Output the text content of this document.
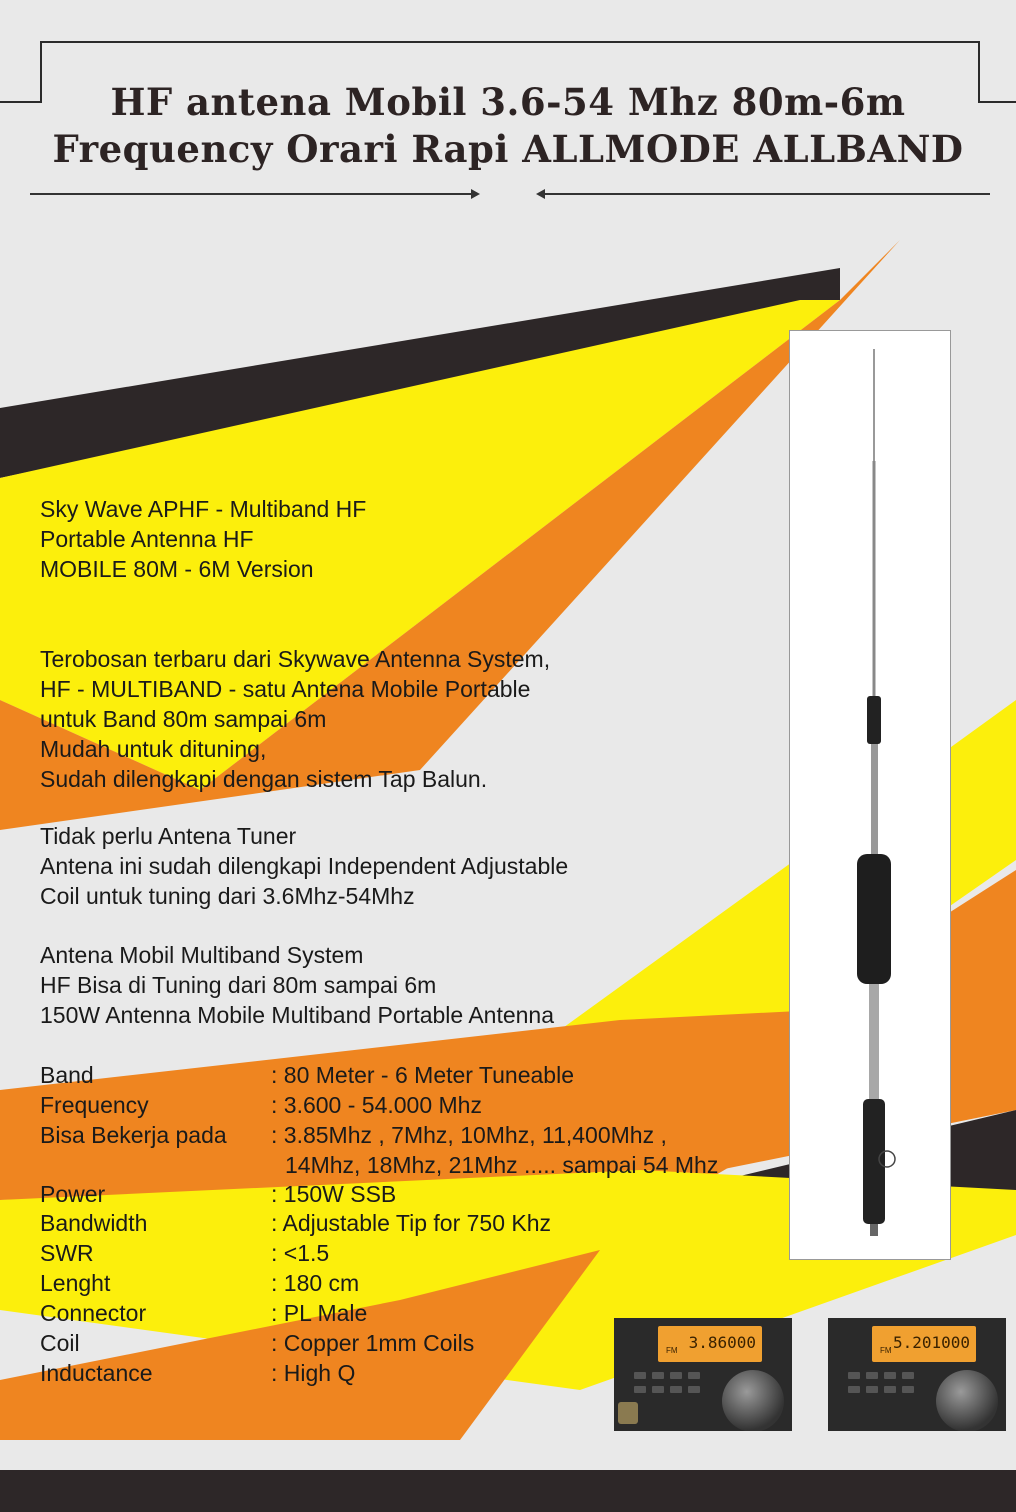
HF antena Mobil 3.6-54 Mhz 80m-6m
Frequency Orari Rapi ALLMODE ALLBAND
Sky Wave APHF - Multiband HF
Portable Antenna HF
MOBILE 80M - 6M Version
Terobosan terbaru dari Skywave Antenna System,
HF - MULTIBAND - satu Antena Mobile Portable
untuk Band 80m sampai 6m
Mudah untuk dituning,
Sudah dilengkapi dengan sistem Tap Balun.
Tidak perlu Antena Tuner
Antena ini sudah dilengkapi Independent Adjustable
Coil untuk tuning dari 3.6Mhz-54Mhz
Antena Mobil Multiband System
HF Bisa di Tuning dari 80m sampai 6m
150W Antenna Mobile Multiband Portable Antenna
Band	: 80 Meter - 6 Meter Tuneable
Frequency	: 3.600 - 54.000 Mhz
Bisa Bekerja pada : 3.85Mhz , 7Mhz, 10Mhz, 11,400Mhz ,
14Mhz, 18Mhz, 21Mhz ..... sampai 54 Mhz
Power	: 150W SSB
Bandwidth	: Adjustable Tip for 750 Khz
SWR	: <1.5
Lenght	: 180 cm
Connector	: PL Male
Coil	: Copper 1mm Coils
Inductance	: High Q
FM 3.86000	FM 5.201000
